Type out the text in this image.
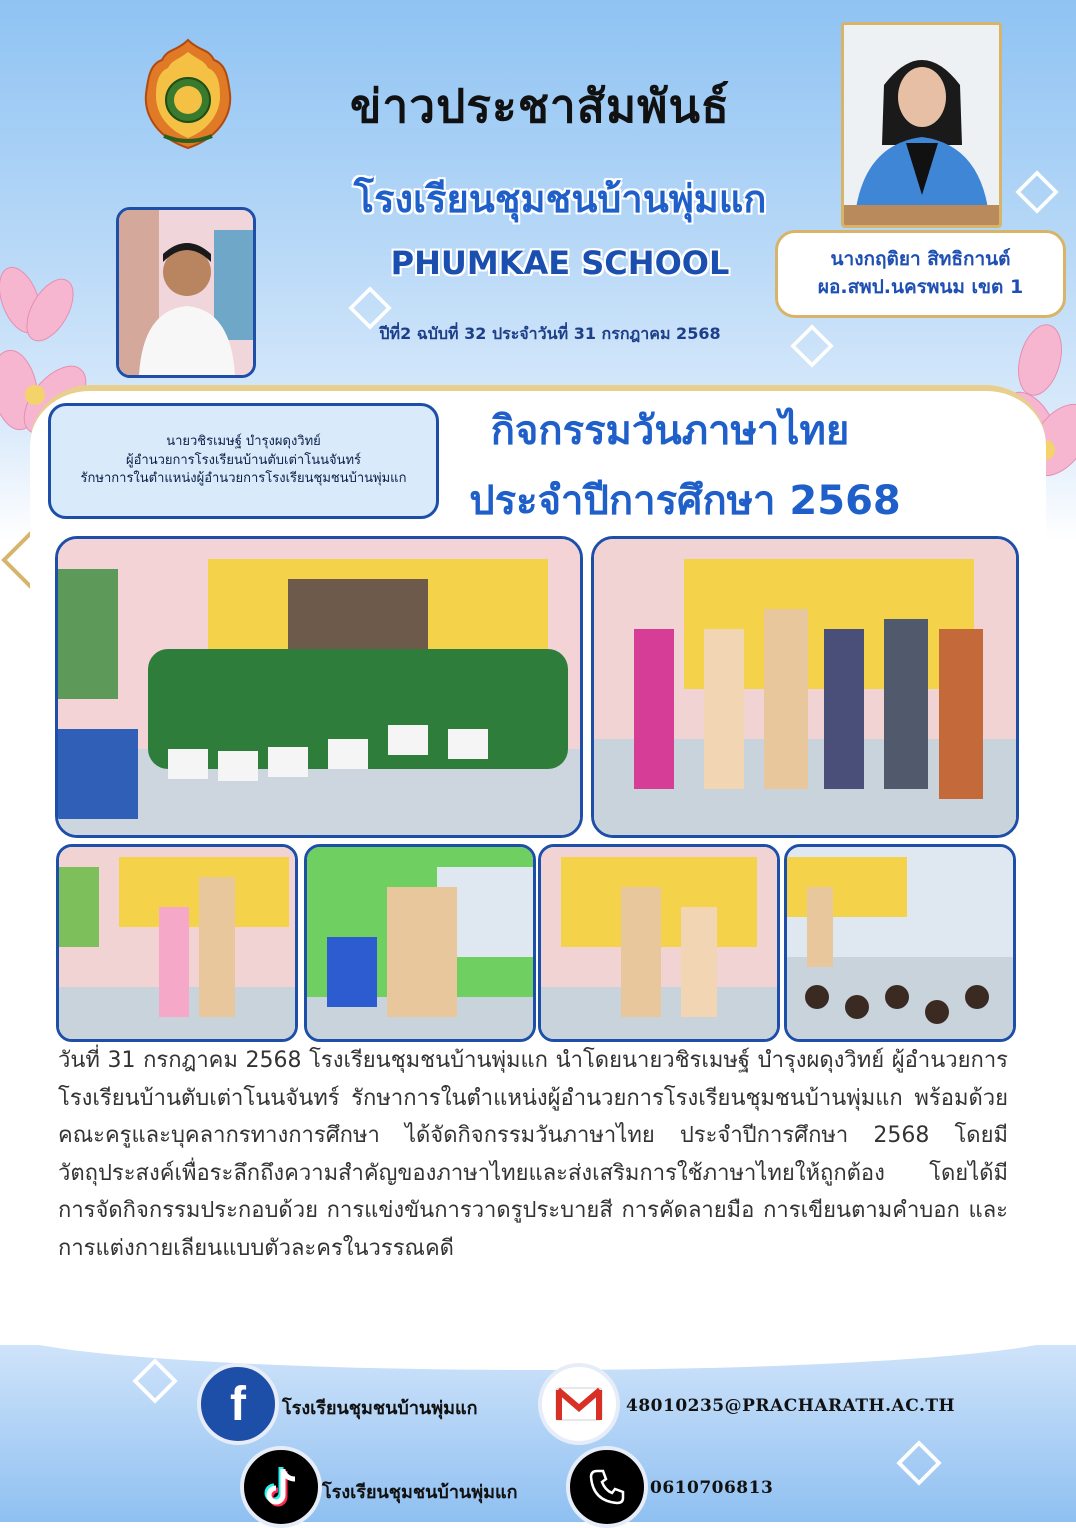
ข่าวประชาสัมพันธ์
โรงเรียนชุมชนบ้านพุ่มแก
PHUMKAE SCHOOL
ปีที่2 ฉบับที่ 32 ประจำวันที่ 31 กรกฎาคม 2568
นางกฤติยา สิทธิกานต์
ผอ.สพป.นครพนม เขต 1
นายวชิรเมษฐ์ บำรุงผดุงวิทย์
ผู้อำนวยการโรงเรียนบ้านตับเต่าโนนจันทร์
รักษาการในตำแหน่งผู้อำนวยการโรงเรียนชุมชนบ้านพุ่มแก
กิจกรรมวันภาษาไทย
ประจำปีการศึกษา 2568
วันที่ 31 กรกฎาคม 2568 โรงเรียนชุมชนบ้านพุ่มแก นำโดยนายวชิรเมษฐ์ บำรุงผดุงวิทย์ ผู้อำนวยการโรงเรียนบ้านตับเต่าโนนจันทร์ รักษาการในตำแหน่งผู้อำนวยการโรงเรียนชุมชนบ้านพุ่มแก พร้อมด้วยคณะครูและบุคลากรทางการศึกษา ได้จัดกิจกรรมวันภาษาไทย ประจำปีการศึกษา 2568 โดยมีวัตถุประสงค์เพื่อระลึกถึงความสำคัญของภาษาไทยและส่งเสริมการใช้ภาษาไทยให้ถูกต้อง โดยได้มีการจัดกิจกรรมประกอบด้วย การแข่งขันการวาดรูประบายสี การคัดลายมือ การเขียนตามคำบอก และการแต่งกายเลียนแบบตัวละครในวรรณคดี
f	โรงเรียนชุมชนบ้านพุ่มแก	48010235@PRACHARATH.AC.TH
โรงเรียนชุมชนบ้านพุ่มแก	0610706813
